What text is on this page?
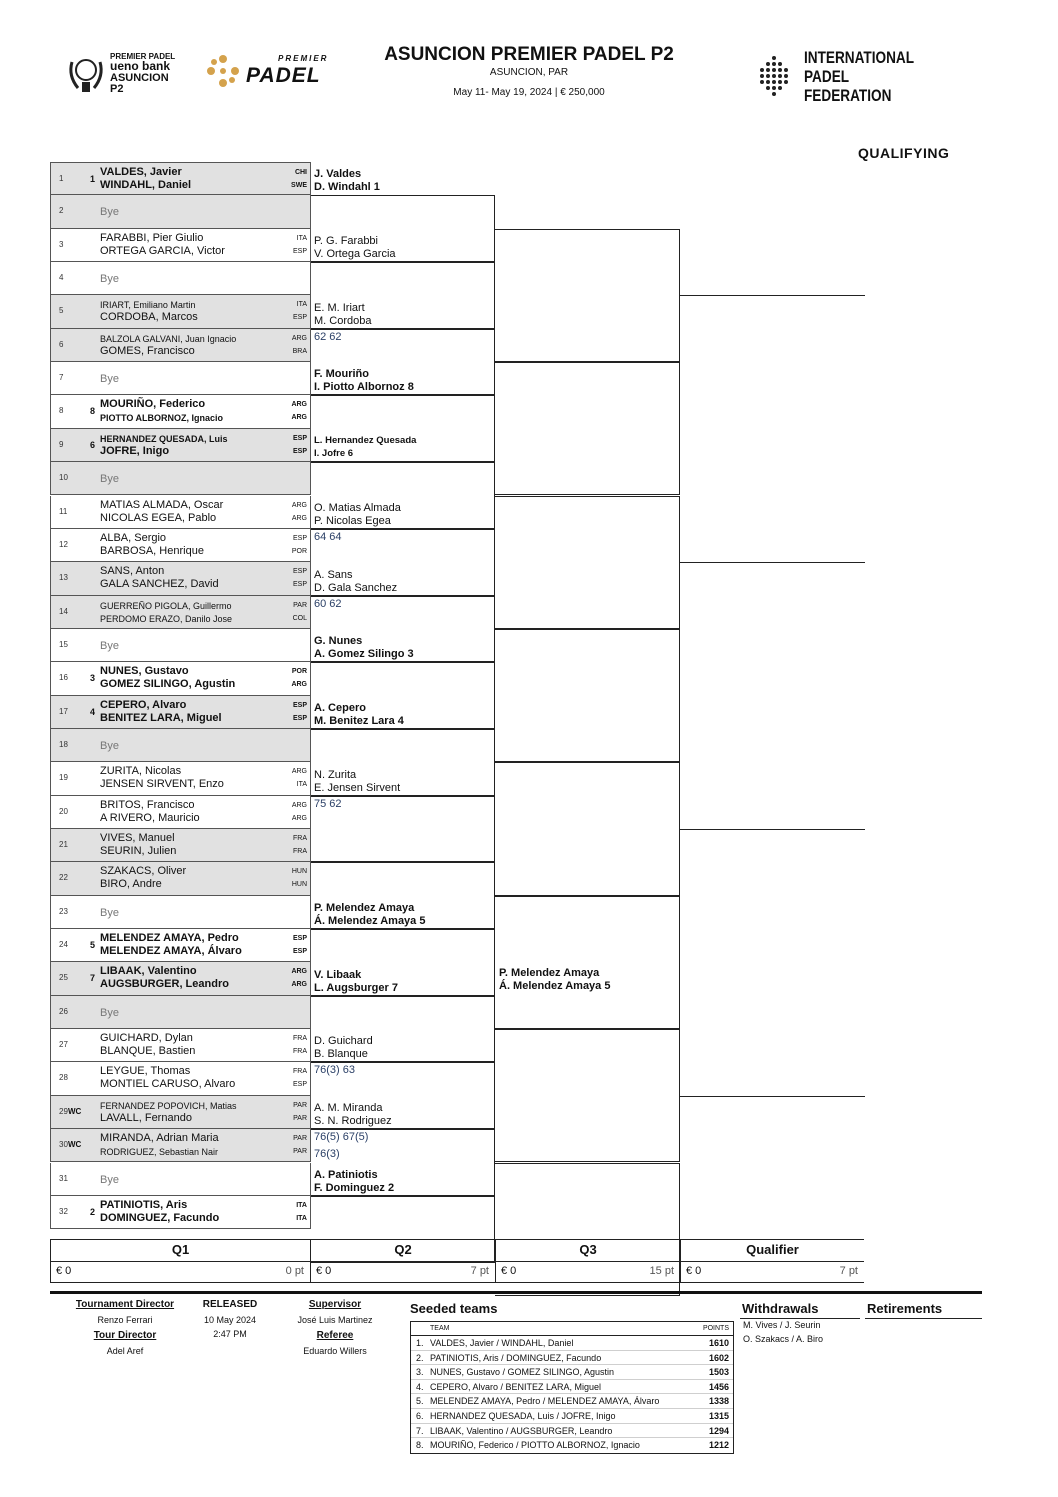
PREMIER PADEL
ueno bank
ASUNCION
P2
PREMIER
PADEL
INTERNATIONAL
PADEL
FEDERATION
ASUNCION PREMIER PADEL P2
ASUNCION, PAR
May 11- May 19, 2024 | € 250,000
QUALIFYING
1	1
VALDES, Javier	CHI
WINDAHL, Daniel	SWE
2	Bye
3
FARABBI, Pier Giulio	ITA
ORTEGA GARCIA, Victor	ESP
4	Bye
5
IRIART, Emiliano Martin	ITA
CORDOBA, Marcos	ESP
6
BALZOLA GALVANI, Juan Ignacio	ARG
GOMES, Francisco	BRA
7	Bye
8	8
MOURIÑO, Federico	ARG
PIOTTO ALBORNOZ, Ignacio	ARG
9	6
HERNANDEZ QUESADA, Luis	ESP
JOFRE, Inigo	ESP
10	Bye
11
MATIAS ALMADA, Oscar	ARG
NICOLAS EGEA, Pablo	ARG
12
ALBA, Sergio	ESP
BARBOSA, Henrique	POR
13
SANS, Anton	ESP
GALA SANCHEZ, David	ESP
14
GUERREÑO PIGOLA, Guillermo	PAR
PERDOMO ERAZO, Danilo Jose	COL
15	Bye
16 3
NUNES, Gustavo	POR
GOMEZ SILINGO, Agustin	ARG
17 4
CEPERO, Alvaro	ESP
BENITEZ LARA, Miguel	ESP
18	Bye
19
ZURITA, Nicolas	ARG
JENSEN SIRVENT, Enzo	ITA
20
BRITOS, Francisco	ARG
A RIVERO, Mauricio	ARG
21
VIVES, Manuel	FRA
SEURIN, Julien	FRA
22
SZAKACS, Oliver	HUN
BIRO, Andre	HUN
23	Bye
24 5
MELENDEZ AMAYA, Pedro	ESP
MELENDEZ AMAYA, Álvaro	ESP
25 7
LIBAAK, Valentino	ARG
AUGSBURGER, Leandro	ARG
26	Bye
27
GUICHARD, Dylan	FRA
BLANQUE, Bastien	FRA
28
LEYGUE, Thomas	FRA
MONTIEL CARUSO, Alvaro	ESP
29 WC
FERNANDEZ POPOVICH, Matias	PAR
LAVALL, Fernando	PAR
30 WC
MIRANDA, Adrian Maria	PAR
RODRIGUEZ, Sebastian Nair	PAR
31	Bye
32 2
PATINIOTIS, Aris	ITA
DOMINGUEZ, Facundo	ITA
J. Valdes
D. Windahl 1
P. G. Farabbi
V. Ortega Garcia
E. M. Iriart
M. Cordoba
62 62
F. Mouriño
I. Piotto Albornoz 8
L. Hernandez Quesada
I. Jofre 6
O. Matias Almada
P. Nicolas Egea
64 64
A. Sans
D. Gala Sanchez
60 62
G. Nunes
A. Gomez Silingo 3
A. Cepero
M. Benitez Lara 4
N. Zurita
E. Jensen Sirvent
75 62
P. Melendez Amaya
Á. Melendez Amaya 5
V. Libaak
L. Augsburger 7
D. Guichard
B. Blanque
76(3) 63
A. M. Miranda
S. N. Rodriguez
76(5) 67(5)
76(3)
A. Patiniotis
F. Dominguez 2
P. Melendez Amaya
Á. Melendez Amaya 5
Q1
€ 0	0 pt
Q2
€ 0	7 pt
Q3
€ 0	15 pt
Qualifier
€ 0	7 pt
Tournament Director
Renzo Ferrari
Tour Director
Adel Aref
RELEASED
10 May 2024
2:47 PM
Supervisor
José Luis Martinez
Referee
Eduardo Willers
Seeded teams
TEAM	POINTS
1. VALDES, Javier / WINDAHL, Daniel	1610
2. PATINIOTIS, Aris / DOMINGUEZ, Facundo	1602
3. NUNES, Gustavo / GOMEZ SILINGO, Agustin	1503
4. CEPERO, Alvaro / BENITEZ LARA, Miguel	1456
5. MELENDEZ AMAYA, Pedro / MELENDEZ AMAYA, Álvaro	1338
6. HERNANDEZ QUESADA, Luis / JOFRE, Inigo	1315
7. LIBAAK, Valentino / AUGSBURGER, Leandro	1294
8. MOURIÑO, Federico / PIOTTO ALBORNOZ, Ignacio	1212
Withdrawals
M. Vives / J. Seurin
O. Szakacs / A. Biro
Retirements
